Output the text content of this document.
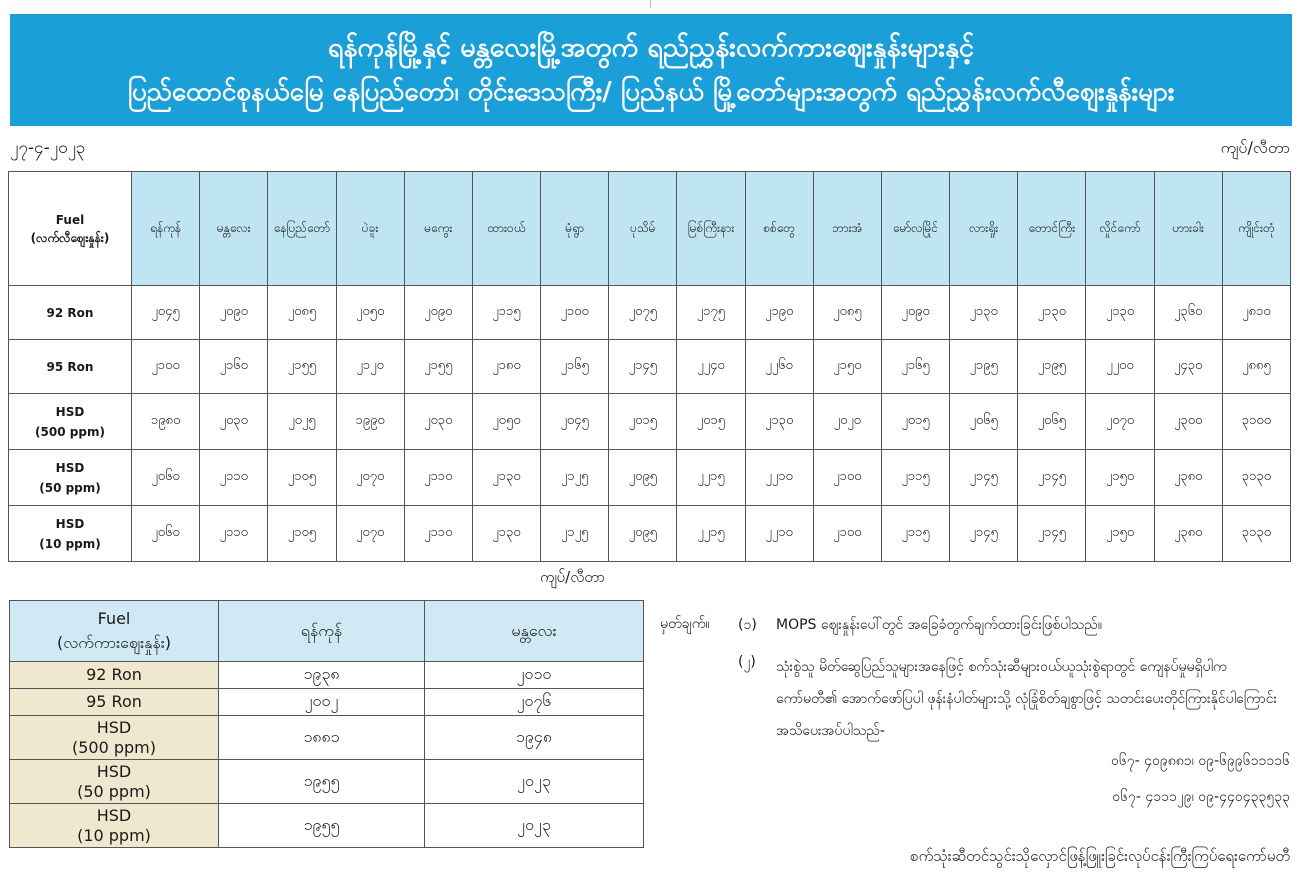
ရန်ကုန်မြို့နှင့် မန္တလေးမြို့အတွက် ရည်ညွှန်းလက်ကားဈေးနှုန်းများနှင့်
ပြည်ထောင်စုနယ်မြေ နေပြည်တော်၊ တိုင်းဒေသကြီး/ ပြည်နယ် မြို့တော်များအတွက် ရည်ညွှန်းလက်လီဈေးနှုန်းများ
၂၇-၄-၂၀၂၃	ကျပ်/လီတာ
Fuel
(လက်လီဈေးနှုန်း)	ရန်ကုန်	မန္တလေး	နေပြည်တော်	ပဲခူး	မကွေး	ထားဝယ်	မုံရွာ	ပုသိမ်	မြစ်ကြီးနား	စစ်တွေ	ဘားအံ	မော်လမြိုင်	လားရှိုး	တောင်ကြီး	လှိုင်ကော်	ဟားခါး	ကျိုင်းတုံ

92 Ron	၂၀၄၅	၂၀၉၀	၂၀၈၅	၂၀၅၀	၂၀၉၀	၂၁၁၅	၂၁၀၀	၂၀၇၅	၂၁၇၅	၂၁၉၀	၂၀၈၅	၂၀၉၀	၂၁၃၀	၂၁၃၀	၂၁၃၀	၂၃၆၀	၂၈၁၀

95 Ron	၂၁၀၀	၂၁၆၀	၂၁၅၅	၂၁၂၀	၂၁၅၅	၂၁၈၀	၂၁၆၅	၂၁၄၅	၂၂၄၀	၂၂၆၀	၂၁၅၀	၂၁၆၅	၂၁၉၅	၂၁၉၅	၂၂၀၀	၂၄၃၀	၂၈၈၅

HSD
(500 ppm)	၁၉၈၀	၂၀၃၀	၂၀၂၅	၁၉၉၀	၂၀၃၀	၂၀၅၀	၂၀၄၅	၂၀၁၅	၂၀၁၅	၂၁၃၀	၂၀၂၀	၂၀၁၅	၂၀၆၅	၂၀၆၅	၂၀၇၀	၂၃၀၀	၃၁၀၀

HSD
(50 ppm)	၂၀၆၀	၂၁၁၀	၂၁၀၅	၂၀၇၀	၂၁၁၀	၂၁၃၀	၂၁၂၅	၂၀၉၅	၂၂၁၅	၂၂၁၀	၂၁၀၀	၂၁၁၅	၂၁၄၅	၂၁၄၅	၂၁၅၀	၂၃၈၀	၃၁၃၀

HSD
(10 ppm)	၂၀၆၀	၂၁၁၀	၂၁၀၅	၂၀၇၀	၂၁၁၀	၂၁၃၀	၂၁၂၅	၂၀၉၅	၂၂၁၅	၂၂၁၀	၂၁၀၀	၂၁၁၅	၂၁၄၅	၂၁၄၅	၂၁၅၀	၂၃၈၀	၃၁၃၀
ကျပ်/လီတာ
Fuel
(လက်ကားဈေးနှုန်း)	ရန်ကုန်	မန္တလေး

92 Ron	၁၉၃၈	၂၀၁၀

95 Ron	၂၀၀၂	၂၀၇၆

HSD
(500 ppm)	၁၈၈၁	၁၉၄၈

HSD
(50 ppm)	၁၉၅၅	၂၀၂၃

HSD
(10 ppm)	၁၉၅၅	၂၀၂၃
မှတ်ချက်။ (၁) MOPS ဈေးနှုန်းပေါ်တွင် အခြေခံတွက်ချက်ထားခြင်းဖြစ်ပါသည်။
(၂) သုံးစွဲသူ မိတ်ဆွေပြည်သူများအနေဖြင့် စက်သုံးဆီများဝယ်ယူသုံးစွဲရာတွင် ကျေနပ်မှုမရှိပါက ကော်မတီ၏ အောက်ဖော်ပြပါ ဖုန်းနံပါတ်များသို့ လုံခြုံစိတ်ချစွာဖြင့် သတင်းပေးတိုင်ကြားနိုင်ပါကြောင်း အသိပေးအပ်ပါသည်-
၀၆၇- ၄၀၉၈၈၁၊ ၀၉-၆၉၉၆၁၁၁၁၆
၀၆၇- ၄၁၁၁၂၉၊ ၀၉-၄၄၀၄၃၃၅၃၃
စက်သုံးဆီတင်သွင်းသိုလှောင်ဖြန့်ဖြူးခြင်းလုပ်ငန်းကြီးကြပ်ရေးကော်မတီ
